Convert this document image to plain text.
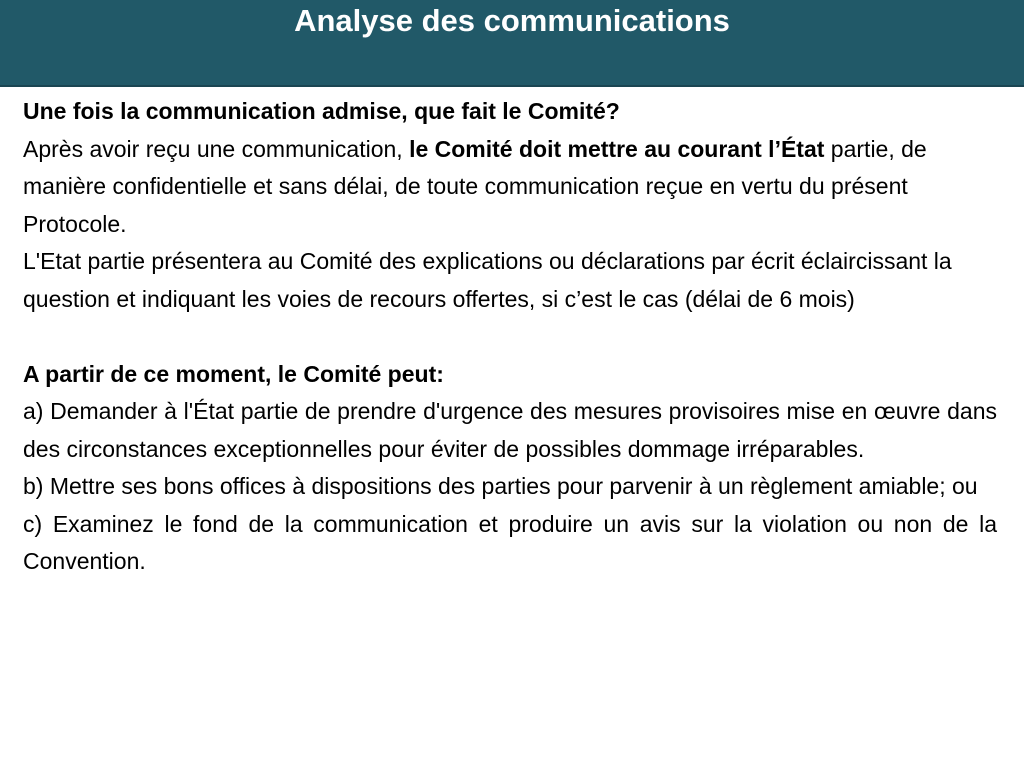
Analyse des communications

Une fois la communication admise, que fait le Comité?

Après avoir reçu une communication, le Comité doit mettre au courant l’État partie, de manière confidentielle et sans délai, de toute communication reçue en vertu du présent Protocole.

L'Etat partie présentera au Comité des explications ou déclarations par écrit éclaircissant la question et indiquant les voies de recours offertes, si c’est le cas (délai de 6 mois)

A partir de ce moment, le Comité peut:

a) Demander à l'État partie de prendre d'urgence des mesures provisoires mise en œuvre dans des circonstances exceptionnelles pour éviter de possibles dommage irréparables.

b) Mettre ses bons offices à dispositions des parties pour parvenir à un règlement amiable; ou

c) Examinez le fond de la communication et produire un avis sur la violation ou non de la Convention.
